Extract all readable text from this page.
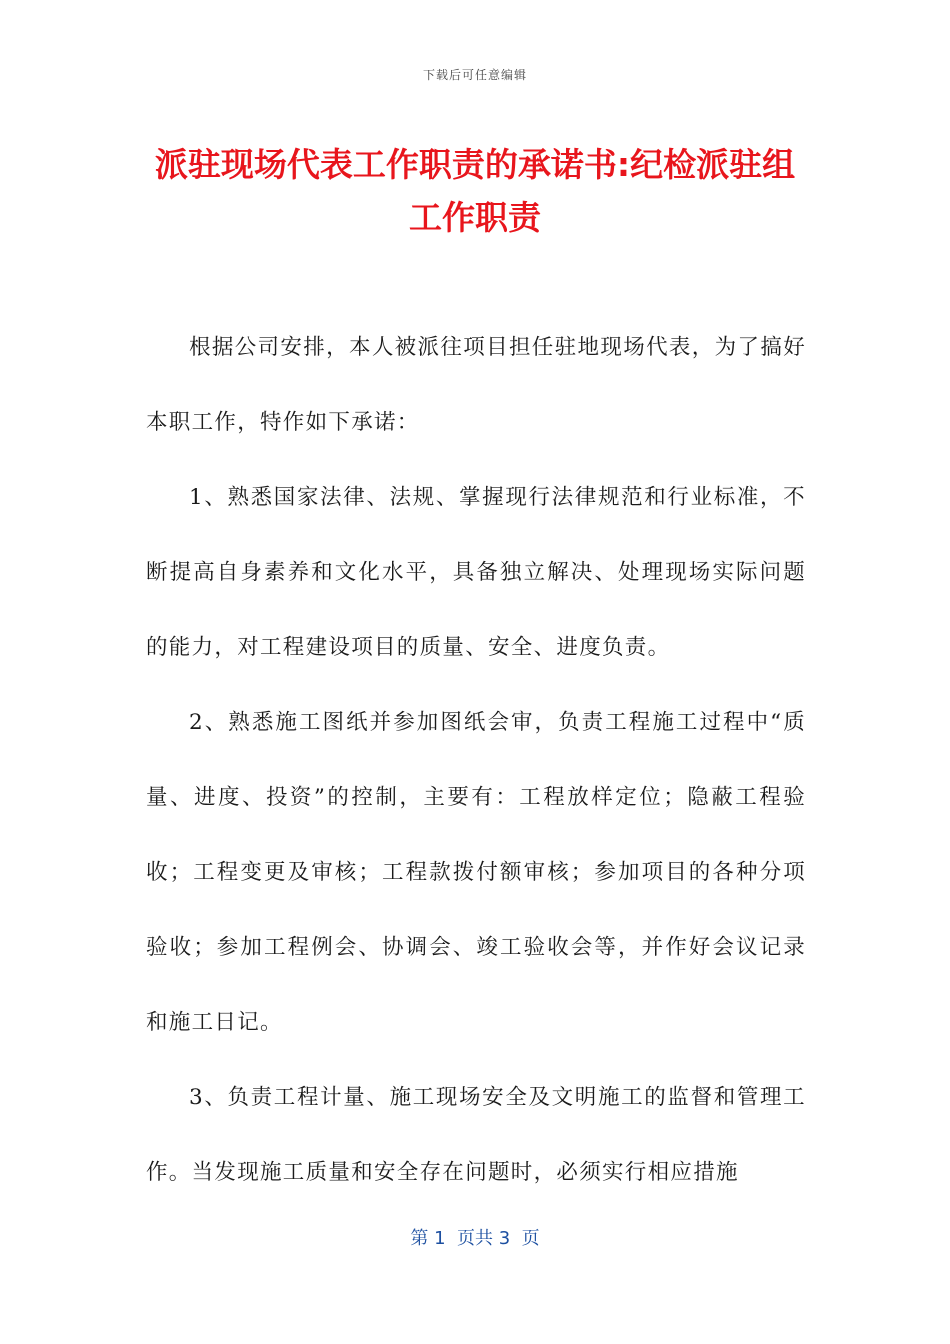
下载后可任意编辑
派驻现场代表工作职责的承诺书:纪检派驻组工作职责

根据公司安排，本人被派往项目担任驻地现场代表，为了搞好本职工作，特作如下承诺：

1、熟悉国家法律、法规、掌握现行法律规范和行业标准，不断提高自身素养和文化水平，具备独立解决、处理现场实际问题的能力，对工程建设项目的质量、安全、进度负责。

2、熟悉施工图纸并参加图纸会审，负责工程施工过程中“质量、进度、投资”的控制，主要有：工程放样定位；隐蔽工程验收；工程变更及审核；工程款拨付额审核；参加项目的各种分项验收；参加工程例会、协调会、竣工验收会等，并作好会议记录和施工日记。

3、负责工程计量、施工现场安全及文明施工的监督和管理工作。当发现施工质量和安全存在问题时，必须实行相应措施

第 1  页共 3  页
